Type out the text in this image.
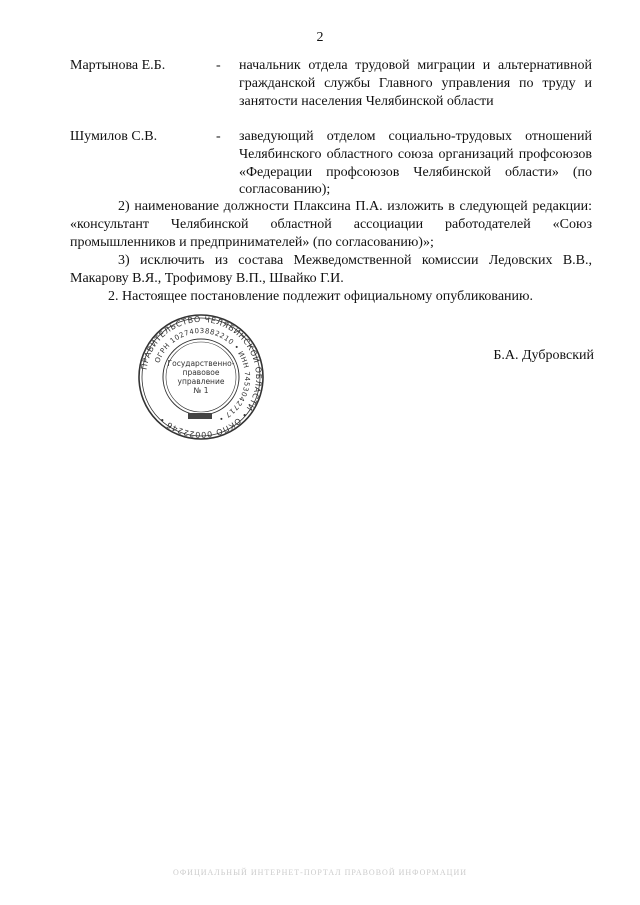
2
Мартынова Е.Б.	- начальник отдела трудовой миграции и альтернативной гражданской службы Главного управления по труду и занятости населения Челябинской области
Шумилов С.В.	- заведующий отделом социально-трудовых отношений Челябинского областного союза организаций профсоюзов «Федерации профсоюзов Челябинской области» (по согласованию);
2) наименование должности Плаксина П.А. изложить в следующей редакции: «консультант Челябинской областной ассоциации работодателей «Союз промышленников и предпринимателей» (по согласованию)»;
3) исключить из состава Межведомственной комиссии Ледовских В.В., Макарову В.Я., Трофимову В.П., Швайко Г.И.
2. Настоящее постановление подлежит официальному опубликованию.
ПРАВИТЕЛЬСТВО ЧЕЛЯБИНСКОЙ ОБЛАСТИ • ОКПО 00022246 •
ОГРН 1027403882210 • ИНН 7453042717 •
Государственно-
правовое
управление
№ 1
Б.А. Дубровский
ОФИЦИАЛЬНЫЙ ИНТЕРНЕТ-ПОРТАЛ ПРАВОВОЙ ИНФОРМАЦИИ
